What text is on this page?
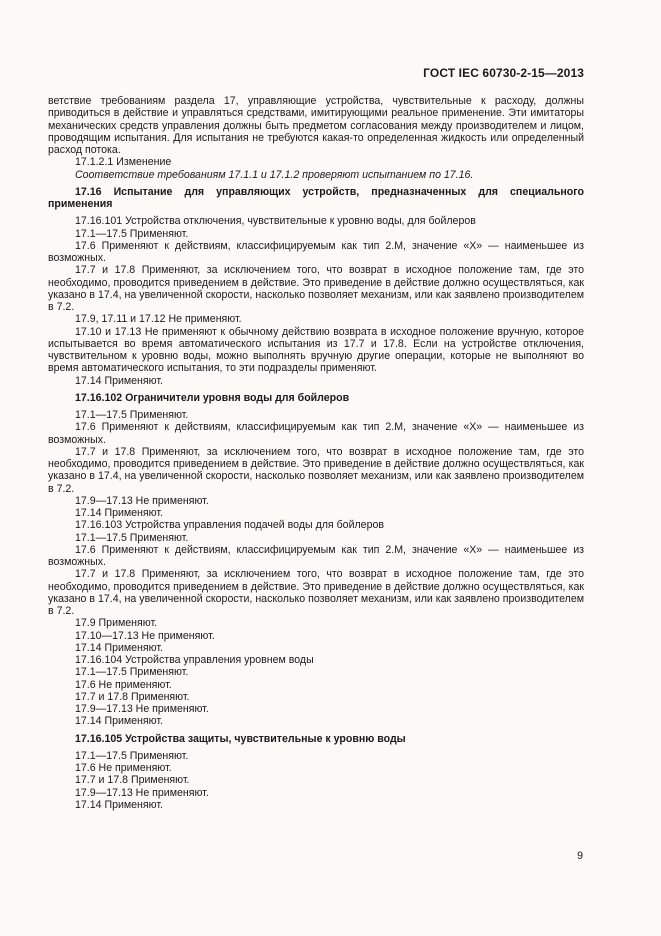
ГОСТ IEC 60730-2-15—2013

ветствие требованиям раздела 17, управляющие устройства, чувствительные к расходу, должны приводиться в действие и управляться средствами, имитирующими реальное применение. Эти имитаторы механических средств управления должны быть предметом согласования между производителем и лицом, проводящим испытания. Для испытания не требуются какая-то определенная жидкость или определенный расход потока.

17.1.2.1 Изменение

Соответствие требованиям 17.1.1 и 17.1.2 проверяют испытанием по 17.16.

17.16 Испытание для управляющих устройств, предназначенных для специального применения

17.16.101 Устройства отключения, чувствительные к уровню воды, для бойлеров

17.1—17.5 Применяют.

17.6 Применяют к действиям, классифицируемым как тип 2.М, значение «Х» — наименьшее из возможных.

17.7 и 17.8 Применяют, за исключением того, что возврат в исходное положение там, где это необходимо, проводится приведением в действие. Это приведение в действие должно осуществляться, как указано в 17.4, на увеличенной скорости, насколько позволяет механизм, или как заявлено производителем в 7.2.

17.9, 17.11 и 17.12 Не применяют.

17.10 и 17.13 Не применяют к обычному действию возврата в исходное положение вручную, которое испытывается во время автоматического испытания из 17.7 и 17.8. Если на устройстве отключения, чувствительном к уровню воды, можно выполнять вручную другие операции, которые не выполняют во время автоматического испытания, то эти подразделы применяют.

17.14 Применяют.

17.16.102 Ограничители уровня воды для бойлеров

17.1—17.5 Применяют.

17.6 Применяют к действиям, классифицируемым как тип 2.М, значение «Х» — наименьшее из возможных.

17.7 и 17.8 Применяют, за исключением того, что возврат в исходное положение там, где это необходимо, проводится приведением в действие. Это приведение в действие должно осуществляться, как указано в 17.4, на увеличенной скорости, насколько позволяет механизм, или как заявлено производителем в 7.2.

17.9—17.13 Не применяют.

17.14 Применяют.

17.16.103 Устройства управления подачей воды для бойлеров

17.1—17.5 Применяют.

17.6 Применяют к действиям, классифицируемым как тип 2.М, значение «Х» — наименьшее из возможных.

17.7 и 17.8 Применяют, за исключением того, что возврат в исходное положение там, где это необходимо, проводится приведением в действие. Это приведение в действие должно осуществляться, как указано в 17.4, на увеличенной скорости, насколько позволяет механизм, или как заявлено производителем в 7.2.

17.9 Применяют.

17.10—17.13 Не применяют.

17.14 Применяют.

17.16.104 Устройства управления уровнем воды

17.1—17.5 Применяют.

17.6 Не применяют.

17.7 и 17.8 Применяют.

17.9—17.13 Не применяют.

17.14 Применяют.

17.16.105 Устройства защиты, чувствительные к уровню воды

17.1—17.5 Применяют.

17.6 Не применяют.

17.7 и 17.8 Применяют.

17.9—17.13 Не применяют.

17.14 Применяют.

9
